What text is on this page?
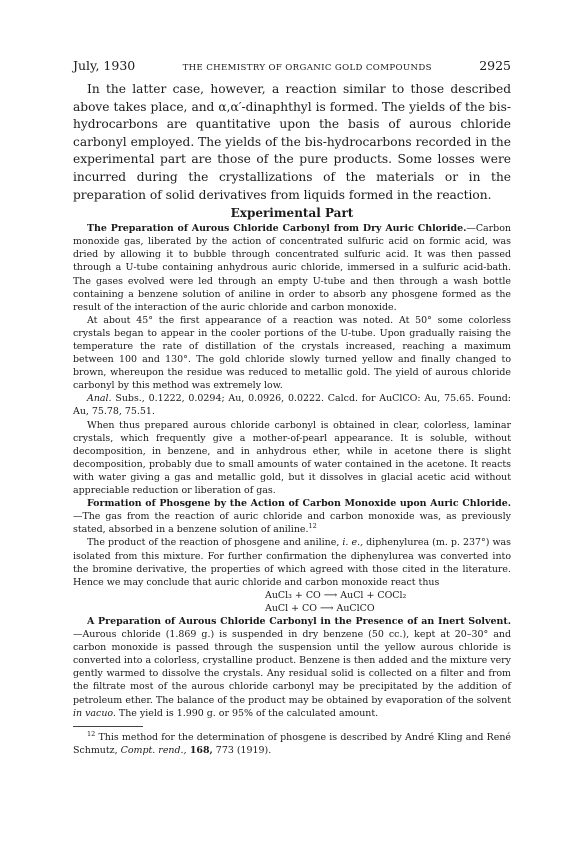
July, 1930	THE CHEMISTRY OF ORGANIC GOLD COMPOUNDS	2925

In the latter case, however, a reaction similar to those described above takes place, and α,α′-dinaphthyl is formed. The yields of the bis-hydrocarbons are quantitative upon the basis of aurous chloride carbonyl employed. The yields of the bis-hydrocarbons recorded in the experimental part are those of the pure products. Some losses were incurred during the crystallizations of the materials or in the preparation of solid derivatives from liquids formed in the reaction.

Experimental Part

The Preparation of Aurous Chloride Carbonyl from Dry Auric Chloride.—Carbon monoxide gas, liberated by the action of concentrated sulfuric acid on formic acid, was dried by allowing it to bubble through concentrated sulfuric acid. It was then passed through a U-tube containing anhydrous auric chloride, immersed in a sulfuric acid-bath. The gases evolved were led through an empty U-tube and then through a wash bottle containing a benzene solution of aniline in order to absorb any phosgene formed as the result of the interaction of the auric chloride and carbon monoxide.

At about 45° the first appearance of a reaction was noted. At 50° some colorless crystals began to appear in the cooler portions of the U-tube. Upon gradually raising the temperature the rate of distillation of the crystals increased, reaching a maximum between 100 and 130°. The gold chloride slowly turned yellow and finally changed to brown, whereupon the residue was reduced to metallic gold. The yield of aurous chloride carbonyl by this method was extremely low.

Anal. Subs., 0.1222, 0.0294; Au, 0.0926, 0.0222. Calcd. for AuClCO: Au, 75.65. Found: Au, 75.78, 75.51.

When thus prepared aurous chloride carbonyl is obtained in clear, colorless, laminar crystals, which frequently give a mother-of-pearl appearance. It is soluble, without decomposition, in benzene, and in anhydrous ether, while in acetone there is slight decomposition, probably due to small amounts of water contained in the acetone. It reacts with water giving a gas and metallic gold, but it dissolves in glacial acetic acid without appreciable reduction or liberation of gas.

Formation of Phosgene by the Action of Carbon Monoxide upon Auric Chloride.—The gas from the reaction of auric chloride and carbon monoxide was, as previously stated, absorbed in a benzene solution of aniline.$^{12}$

The product of the reaction of phosgene and aniline, i. e., diphenylurea (m. p. 237°) was isolated from this mixture. For further confirmation the diphenylurea was converted into the bromine derivative, the properties of which agreed with those cited in the literature. Hence we may conclude that auric chloride and carbon monoxide react thus

AuCl₃ + CO ⟶ AuCl + COCl₂

AuCl + CO ⟶ AuClCO

A Preparation of Aurous Chloride Carbonyl in the Presence of an Inert Solvent.—Aurous chloride (1.869 g.) is suspended in dry benzene (50 cc.), kept at 20–30° and carbon monoxide is passed through the suspension until the yellow aurous chloride is converted into a colorless, crystalline product. Benzene is then added and the mixture very gently warmed to dissolve the crystals. Any residual solid is collected on a filter and from the filtrate most of the aurous chloride carbonyl may be precipitated by the addition of petroleum ether. The balance of the product may be obtained by evaporation of the solvent in vacuo. The yield is 1.990 g. or 95% of the calculated amount.

$^{12}$ This method for the determination of phosgene is described by André Kling and René Schmutz, Compt. rend., 168, 773 (1919).
